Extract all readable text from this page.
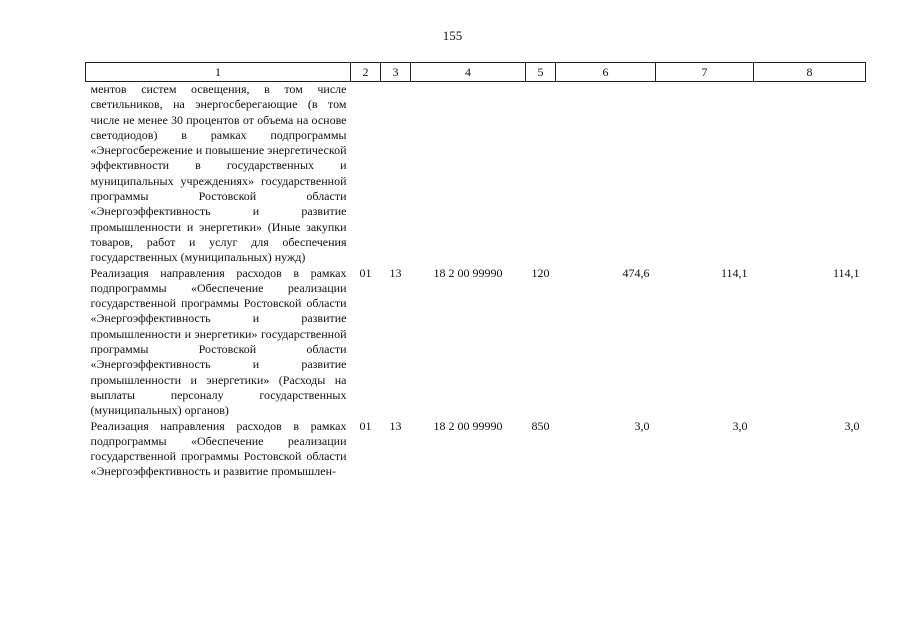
155
1	2	3	4	5	6	7	8
ментов систем освещения, в том числе светильников, на энергосберегающие (в том числе не менее 30 процентов от объема на основе светодиодов) в рамках подпрограммы «Энергосбережение и повышение энергетической эффективности в государственных и муниципальных учреждениях» государственной программы Ростовской области «Энергоэффективность и развитие промышленности и энергетики» (Иные закупки товаров, работ и услуг для обеспечения государственных (муниципальных) нужд)							
Реализация направления расходов в рамках подпрограммы «Обеспечение реализации государственной программы Ростовской области «Энергоэффективность и развитие промышленности и энергетики» государственной программы Ростовской области «Энергоэффективность и развитие промышленности и энергетики» (Расходы на выплаты персоналу государственных (муниципальных) органов)	01	13	18 2 00 99990	120	474,6	114,1	114,1
Реализация направления расходов в рамках подпрограммы «Обеспечение реализации государственной программы Ростовской области «Энергоэффективность и развитие промышлен-	01	13	18 2 00 99990	850	3,0	3,0	3,0
